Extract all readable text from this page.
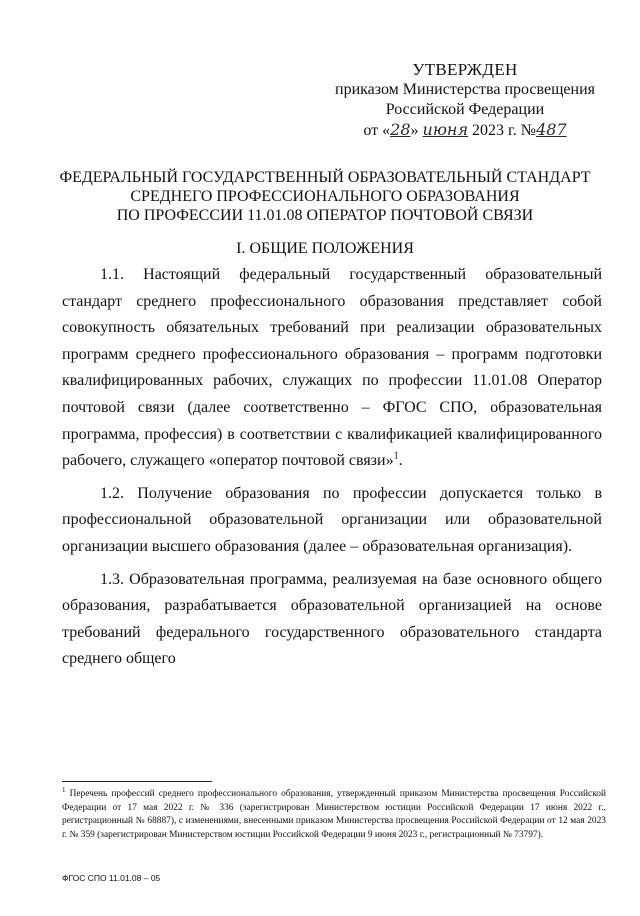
УТВЕРЖДЕН
приказом Министерства просвещения
Российской Федерации
от «28» июня 2023 г. №487
ФЕДЕРАЛЬНЫЙ ГОСУДАРСТВЕННЫЙ ОБРАЗОВАТЕЛЬНЫЙ СТАНДАРТ
СРЕДНЕГО ПРОФЕССИОНАЛЬНОГО ОБРАЗОВАНИЯ
ПО ПРОФЕССИИ 11.01.08 ОПЕРАТОР ПОЧТОВОЙ СВЯЗИ
I. ОБЩИЕ ПОЛОЖЕНИЯ

1.1. Настоящий федеральный государственный образовательный стандарт среднего профессионального образования представляет собой совокупность обязательных требований при реализации образовательных программ среднего профессионального образования – программ подготовки квалифицированных рабочих, служащих по профессии 11.01.08 Оператор почтовой связи (далее соответственно – ФГОС СПО, образовательная программа, профессия) в соответствии с квалификацией квалифицированного рабочего, служащего «оператор почтовой связи»$^1$.

1.2. Получение образования по профессии допускается только в профессиональной образовательной организации или образовательной организации высшего образования (далее – образовательная организация).

1.3. Образовательная программа, реализуемая на базе основного общего образования, разрабатывается образовательной организацией на основе требований федерального государственного образовательного стандарта среднего общего

$^1$ Перечень профессий среднего профессионального образования, утвержденный приказом Министерства просвещения Российской Федерации от 17 мая 2022 г. № 336 (зарегистрирован Министерством юстиции Российской Федерации 17 июня 2022 г., регистрационный № 68887), с изменениями, внесенными приказом Министерства просвещения Российской Федерации от 12 мая 2023 г. № 359 (зарегистрирован Министерством юстиции Российской Федерации 9 июня 2023 г., регистрационный № 73797).
ФГОС СПО 11.01.08 – 05
